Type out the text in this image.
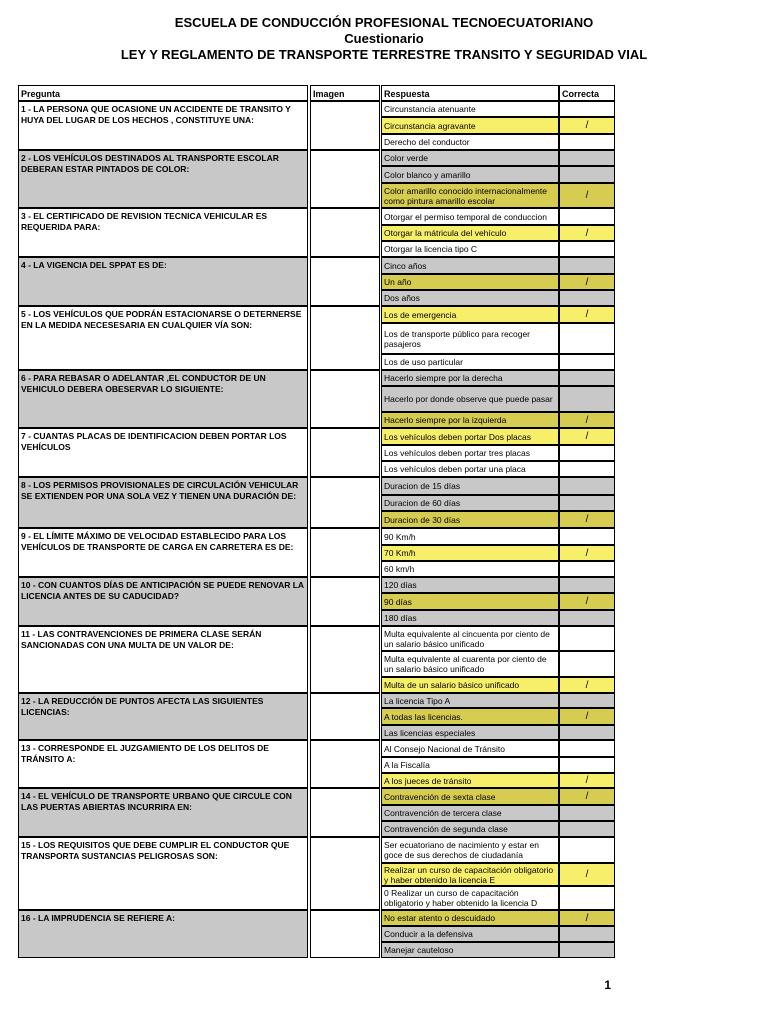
ESCUELA DE CONDUCCIÓN PROFESIONAL TECNOECUATORIANO
Cuestionario
LEY Y REGLAMENTO DE TRANSPORTE TERRESTRE TRANSITO Y SEGURIDAD VIAL
Pregunta	Imagen	Respuesta	Correcta
1 - LA PERSONA QUE OCASIONE UN ACCIDENTE DE TRANSITO Y HUYA DEL LUGAR DE LOS HECHOS , CONSTITUYE UNA:
Circunstancia atenuante
Circunstancia agravante	/
Derecho del conductor
2 - LOS VEHÍCULOS DESTINADOS AL TRANSPORTE ESCOLAR DEBERAN ESTAR PINTADOS DE COLOR:
Color verde
Color blanco y amarillo
Color amarillo conocido internacionalmente como pintura amarillo escolar	/
3 - EL CERTIFICADO DE REVISION TECNICA VEHICULAR ES REQUERIDA PARA:
Otorgar el permiso temporal de conduccion
Otorgar la mátricula del vehículo	/
Otorgar la licencia tipo C
4 - LA VIGENCIA DEL SPPAT ES DE:	Cinco años
Un año	/
Dos años
5 - LOS VEHÍCULOS QUE PODRÁN ESTACIONARSE O DETERNERSE EN LA MEDIDA NECESESARIA EN CUALQUIER VÍA SON:
Los de emergencia	/
Los de transporte público para recoger pasajeros
Los de uso particular
6 - PARA REBASAR O ADELANTAR ,EL CONDUCTOR DE UN VEHICULO DEBERA OBESERVAR LO SIGUIENTE:
Hacerlo siempre por la derecha
Hacerlo por donde observe que puede pasar
Hacerlo siempre por la izquierda	/
7 - CUANTAS PLACAS DE IDENTIFICACION DEBEN PORTAR LOS VEHÍCULOS
Los vehículos deben portar Dos placas	/
Los vehículos deben portar tres placas
Los vehículos deben portar una placa
8 - LOS PERMISOS PROVISIONALES DE CIRCULACIÓN VEHICULAR SE EXTIENDEN POR UNA SOLA VEZ Y TIENEN UNA DURACIÓN DE:
Duracion de 15 días
Duracion de 60 días
Duracion de 30 días	/
9 - EL LÍMITE MÁXIMO DE VELOCIDAD ESTABLECIDO PARA LOS VEHÍCULOS DE TRANSPORTE DE CARGA EN CARRETERA ES DE:
90 Km/h
70 Km/h	/
60 km/h
10 - CON CUANTOS DÍAS DE ANTICIPACIÓN SE PUEDE RENOVAR LA LICENCIA ANTES DE SU CADUCIDAD?
120 días
90 días	/
180 días
11 - LAS CONTRAVENCIONES DE PRIMERA CLASE SERÁN SANCIONADAS CON UNA MULTA DE UN VALOR DE:
Multa equivalente al cincuenta por ciento de un salario básico unificado
Multa equivalente al cuarenta por ciento de un salario básico unificado
Multa de un salario básico unificado	/
12 - LA REDUCCIÓN DE PUNTOS AFECTA LAS SIGUIENTES LICENCIAS:
La licencia Tipo A
A todas las licencias.	/
Las licencias especiales
13 - CORRESPONDE EL JUZGAMIENTO DE LOS DELITOS DE TRÁNSITO A:
Al Consejo Nacional de Tránsito
A la Fiscalía
A los jueces de tránsito	/
14 - EL VEHÍCULO DE TRANSPORTE URBANO QUE CIRCULE CON LAS PUERTAS ABIERTAS INCURRIRA EN:
Contravención de sexta clase	/
Contravención de tercera clase
Contravención de segunda clase
15 - LOS REQUISITOS QUE DEBE CUMPLIR EL CONDUCTOR QUE TRANSPORTA SUSTANCIAS PELIGROSAS SON:
Ser ecuatoriano de nacimiento y estar en goce de sus derechos de ciudadanía
Realizar un curso de capacitación obligatorio y haber obtenido la licencia E	/
0 Realizar un curso de capacitación obligatorio y haber obtenido la licencia D
16 - LA IMPRUDENCIA SE REFIERE A:	No estar atento o descuidado	/
Conducir a la defensiva
Manejar cauteloso
1
